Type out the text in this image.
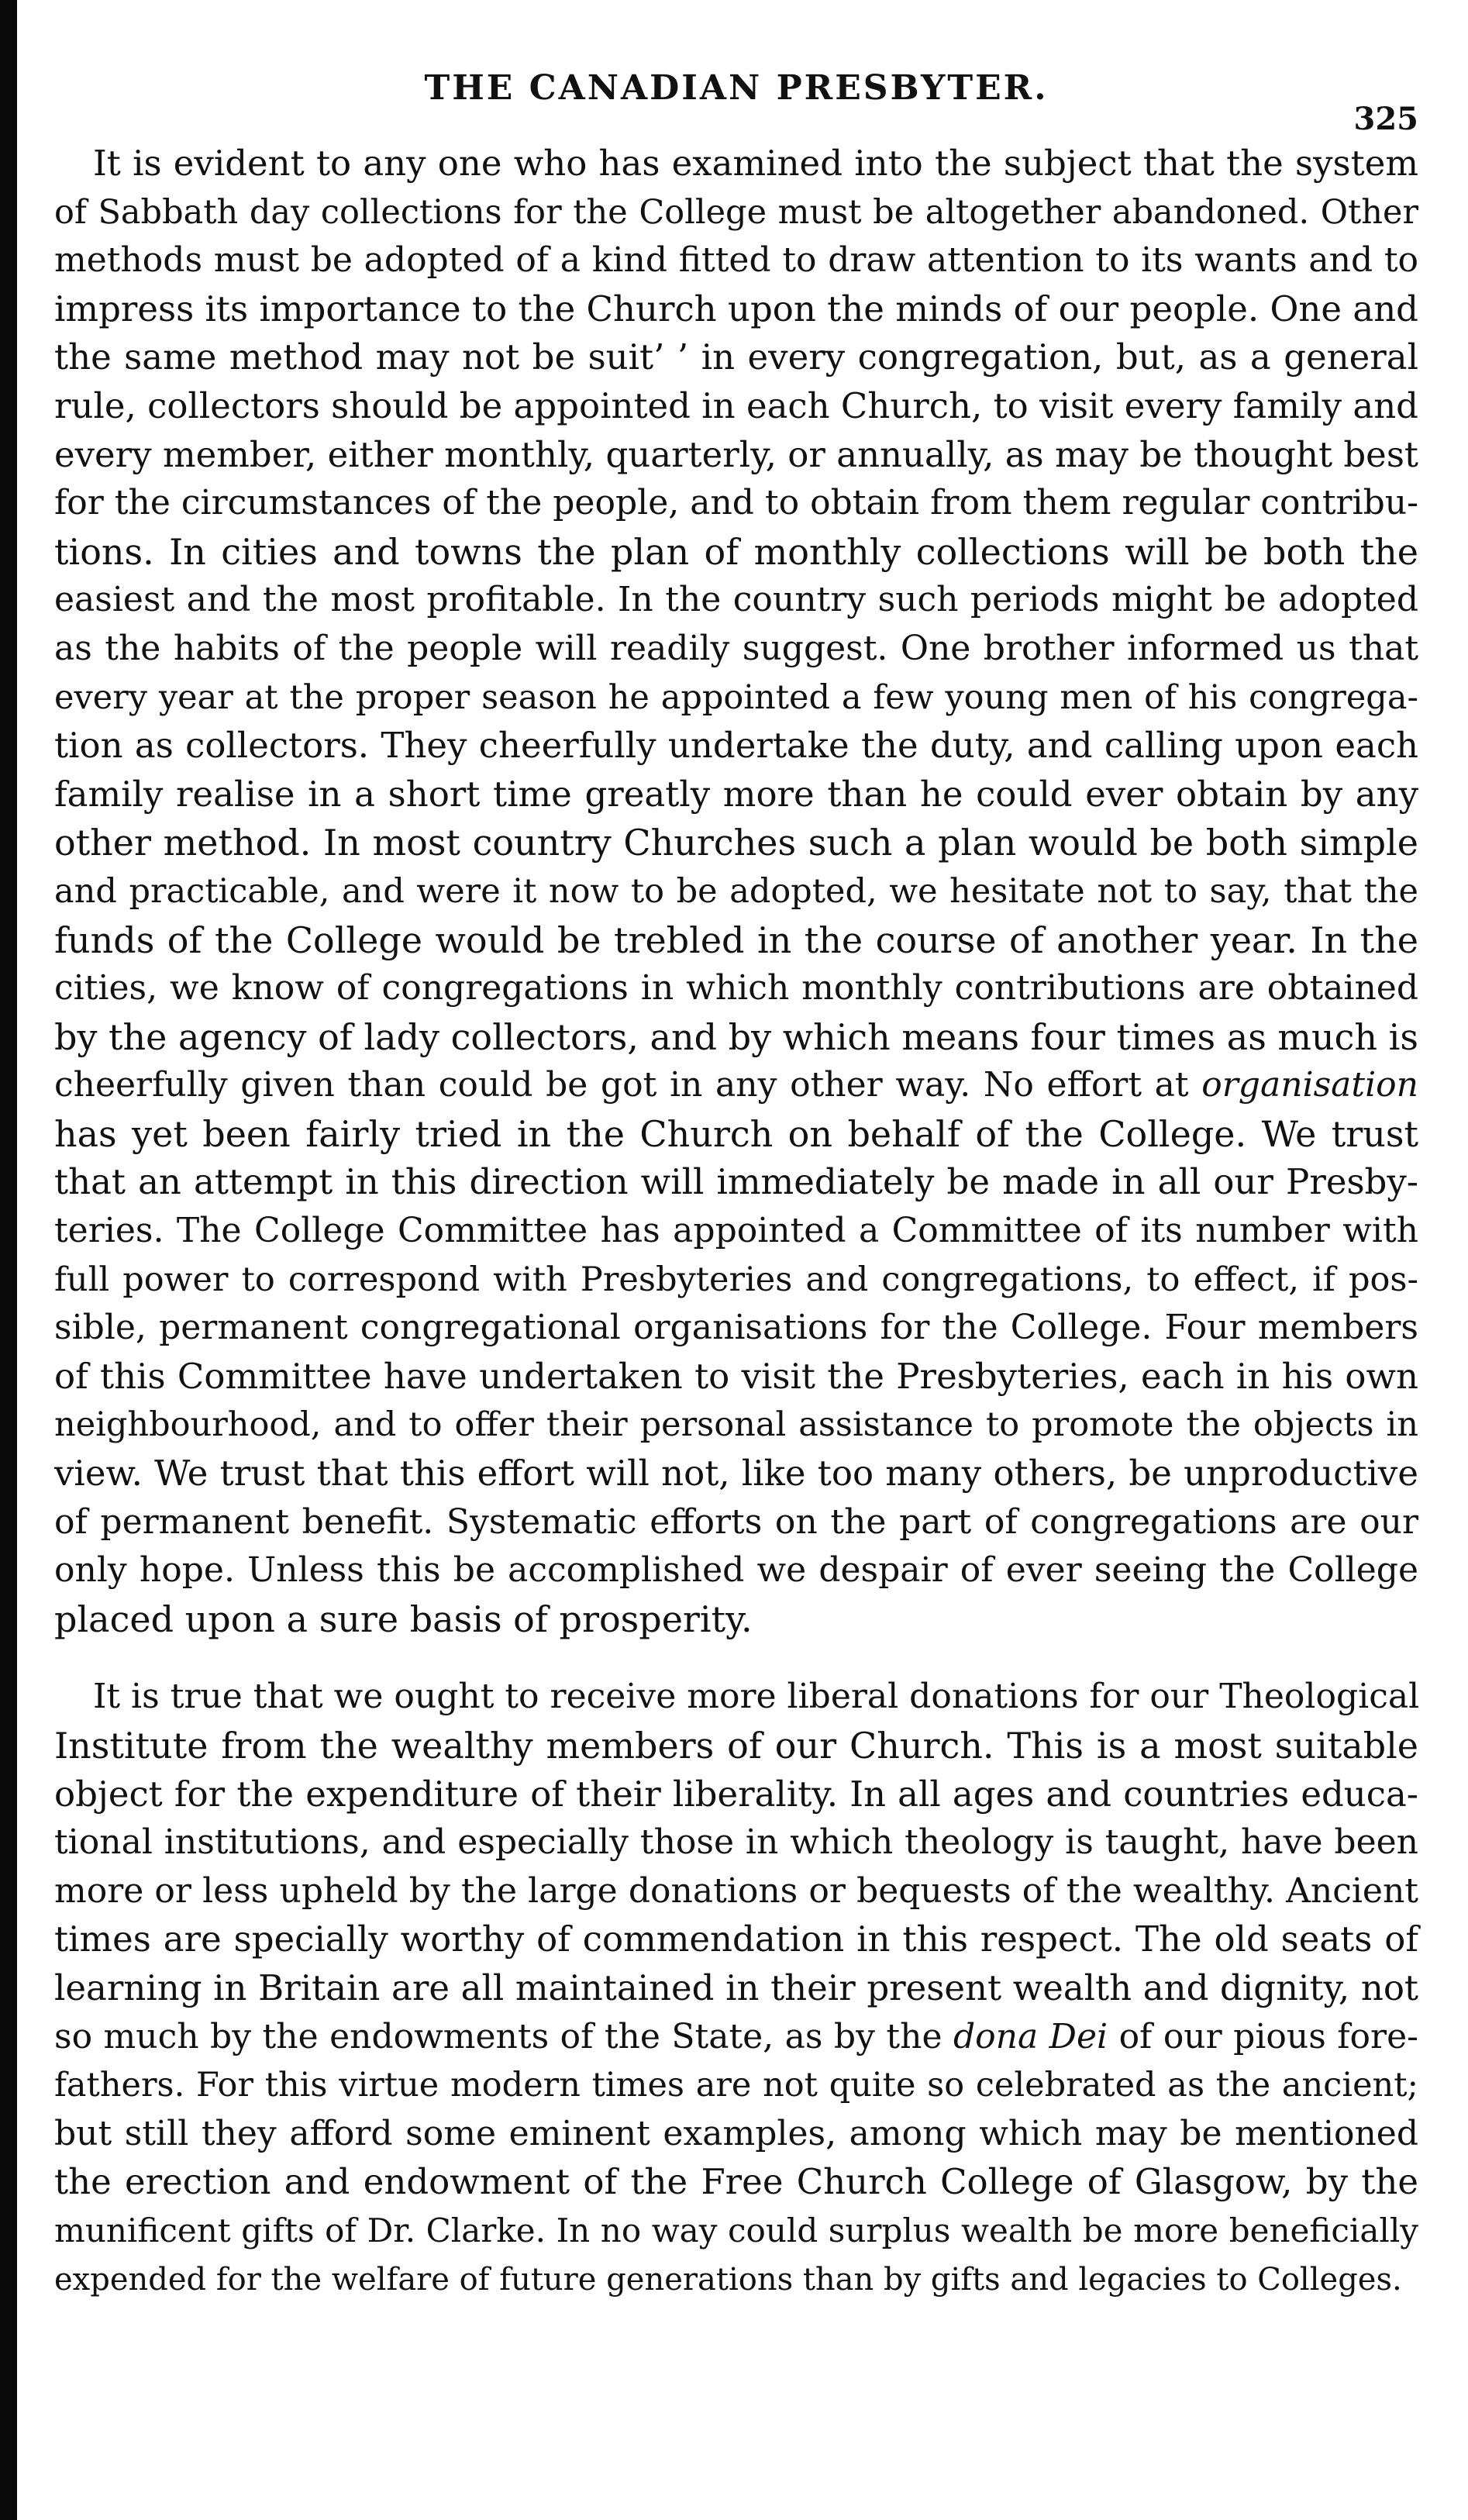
THE CANADIAN PRESBYTER.
325

It is evident to any one who has examined into the subject that the system
of Sabbath day collections for the College must be altogether abandoned. Other
methods must be adopted of a kind fitted to draw attention to its wants and to
impress its importance to the Church upon the minds of our people. One and
the same method may not be suit’ ’ in every congregation, but, as a general
rule, collectors should be appointed in each Church, to visit every family and
every member, either monthly, quarterly, or annually, as may be thought best
for the circumstances of the people, and to obtain from them regular contribu-
tions. In cities and towns the plan of monthly collections will be both the
easiest and the most profitable. In the country such periods might be adopted
as the habits of the people will readily suggest. One brother informed us that
every year at the proper season he appointed a few young men of his congrega-
tion as collectors. They cheerfully undertake the duty, and calling upon each
family realise in a short time greatly more than he could ever obtain by any
other method. In most country Churches such a plan would be both simple
and practicable, and were it now to be adopted, we hesitate not to say, that the
funds of the College would be trebled in the course of another year. In the
cities, we know of congregations in which monthly contributions are obtained
by the agency of lady collectors, and by which means four times as much is
cheerfully given than could be got in any other way. No effort at organisation
has yet been fairly tried in the Church on behalf of the College. We trust
that an attempt in this direction will immediately be made in all our Presby-
teries. The College Committee has appointed a Committee of its number with
full power to correspond with Presbyteries and congregations, to effect, if pos-
sible, permanent congregational organisations for the College. Four members
of this Committee have undertaken to visit the Presbyteries, each in his own
neighbourhood, and to offer their personal assistance to promote the objects in
view. We trust that this effort will not, like too many others, be unproductive
of permanent benefit. Systematic efforts on the part of congregations are our
only hope. Unless this be accomplished we despair of ever seeing the College
placed upon a sure basis of prosperity.

It is true that we ought to receive more liberal donations for our Theological
Institute from the wealthy members of our Church. This is a most suitable
object for the expenditure of their liberality. In all ages and countries educa-
tional institutions, and especially those in which theology is taught, have been
more or less upheld by the large donations or bequests of the wealthy. Ancient
times are specially worthy of commendation in this respect. The old seats of
learning in Britain are all maintained in their present wealth and dignity, not
so much by the endowments of the State, as by the dona Dei of our pious fore-
fathers. For this virtue modern times are not quite so celebrated as the ancient;
but still they afford some eminent examples, among which may be mentioned
the erection and endowment of the Free Church College of Glasgow, by the
munificent gifts of Dr. Clarke. In no way could surplus wealth be more beneficially
expended for the welfare of future generations than by gifts and legacies to Colleges.
